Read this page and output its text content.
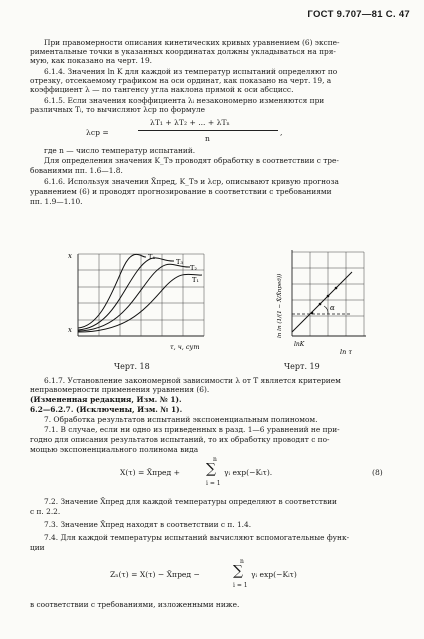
ГОСТ 9.707—81 С. 47
При правомерности описания кинетических кривых уравнением (6) экспе-
риментальные точки в указанных координатах должны укладываться на пря-
мую, как показано на черт. 19.
6.1.4. Значения ln K для каждой из температур испытаний определяют по
отрезку, отсекаемому графиком на оси ординат, как показано на черт. 19, а
коэффициент λ — по тангенсу угла наклона прямой к оси абсцисс.
6.1.5. Если значения коэффициента λᵢ незакономерно изменяются при
различных Tᵢ, то вычисляют λср по формуле
λср =
λT₁ + λT₂ + ... + λTₙ
n
,
где n — число температур испытаний.
Для определения значения K_Tэ проводят обработку в соответствии с тре-
бованиями пп. 1.6—1.8.
6.1.6. Используя значения X̄пред, K_Tэ и λср, описывают кривую прогноза
уравнением (6) и проводят прогнозирование в соответствии с требованиями
пп. 1.9—1.10.
T₄
T₃
T₂
T₁
x
x
τ, ч, сут
Черт. 18
α
lnK
ln τ
ln ln (1/(1 − X̄/X̄пред))
Черт. 19
6.1.7. Установление закономерной зависимости λ от T является критерием
неправомерности применения уравнения (6).
(Измененная редакция, Изм. № 1).
6.2—6.2.7. (Исключены, Изм. № 1).
7. Обработка результатов испытаний экспоненциальным полиномом.
7.1. В случае, если ни одно из приведенных в разд. 1—6 уравнений не при-
годно для описания результатов испытаний, то их обработку проводят с по-
мощью экспоненциального полинома вида
X(τ) = X̄пред +
n
∑
i = 1
γᵢ exp(−Kᵢτ).	(8)
7.2. Значение X̄пред для каждой температуры определяют в соответствии
с п. 2.2.
7.3. Значение X̄пред находят в соответствии с п. 1.4.
7.4. Для каждой температуры испытаний вычисляют вспомогательные функ-
ции
Zₙ(τ) = X(τ) − X̄пред −
n
∑
i = 1
γᵢ exp(−Kᵢτ)
в соответствии с требованиями, изложенными ниже.
